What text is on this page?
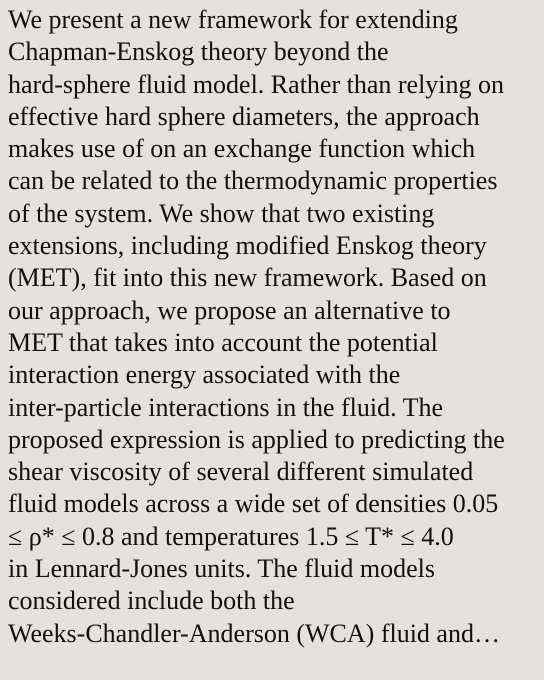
We present a new framework for extending
Chapman-Enskog theory beyond the
hard-sphere fluid model. Rather than relying on
effective hard sphere diameters, the approach
makes use of on an exchange function which
can be related to the thermodynamic properties
of the system. We show that two existing
extensions, including modified Enskog theory
(MET), fit into this new framework. Based on
our approach, we propose an alternative to
MET that takes into account the potential
interaction energy associated with the
inter-particle interactions in the fluid. The
proposed expression is applied to predicting the
shear viscosity of several different simulated
fluid models across a wide set of densities 0.05
≤ ρ* ≤ 0.8 and temperatures 1.5 ≤ T* ≤ 4.0
in Lennard-Jones units. The fluid models
considered include both the
Weeks-Chandler-Anderson (WCA) fluid and…
